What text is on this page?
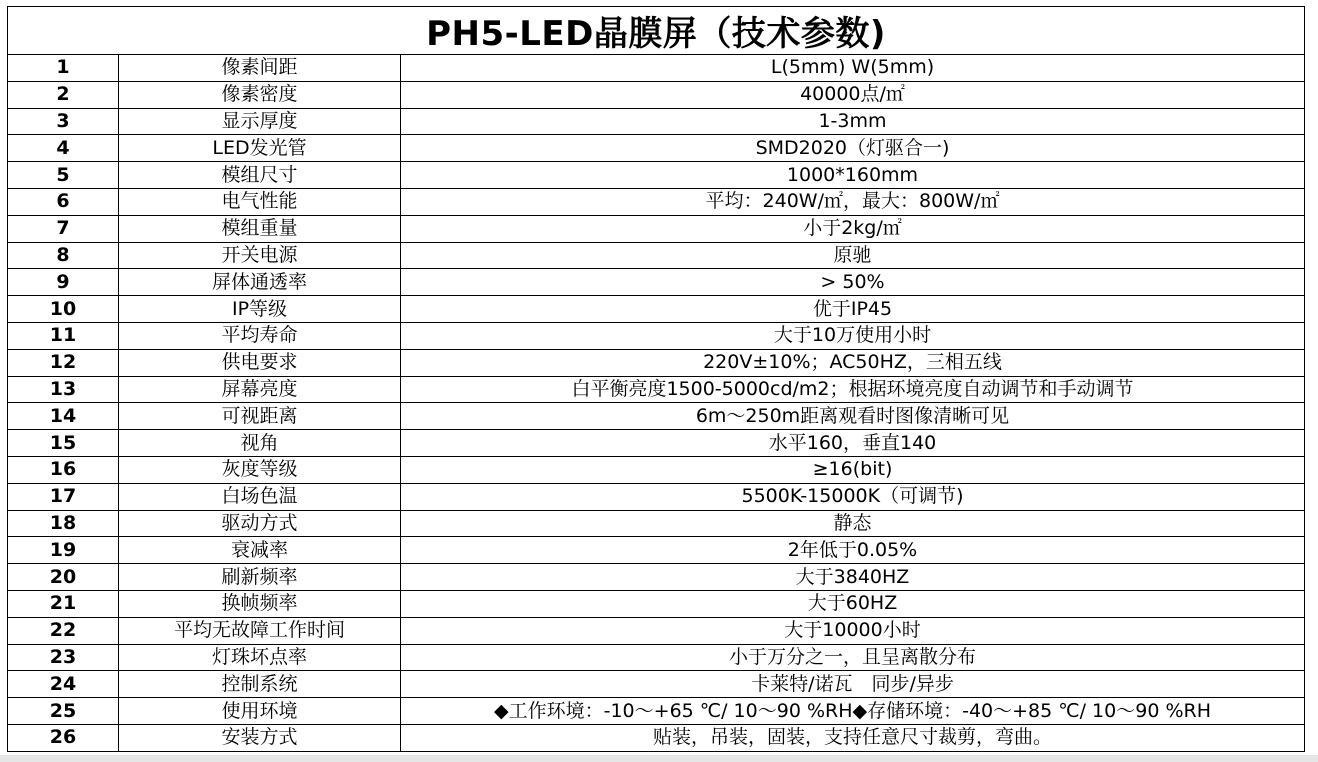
PH5-LED晶膜屏（技术参数)
1	像素间距	L(5mm) W(5mm)
2	像素密度	40000点/㎡
3	显示厚度	1-3mm
4	LED发光管	SMD2020（灯驱合一)
5	模组尺寸	1000*160mm
6	电气性能	平均：240W/㎡，最大：800W/㎡
7	模组重量	小于2kg/㎡
8	开关电源	原驰
9	屏体通透率	> 50%
10	IP等级	优于IP45
11	平均寿命	大于10万使用小时
12	供电要求	220V±10%；AC50HZ，三相五线
13	屏幕亮度	白平衡亮度1500-5000cd/m2；根据环境亮度自动调节和手动调节
14	可视距离	6m～250m距离观看时图像清晰可见
15	视角	水平160，垂直140
16	灰度等级	≥16(bit)
17	白场色温	5500K-15000K（可调节)
18	驱动方式	静态
19	衰减率	2年低于0.05%
20	刷新频率	大于3840HZ
21	换帧频率	大于60HZ
22	平均无故障工作时间	大于10000小时
23	灯珠坏点率	小于万分之一，且呈离散分布
24	控制系统	卡莱特/诺瓦　同步/异步
25	使用环境	◆工作环境：-10～+65 ℃/ 10～90 %RH◆存储环境：-40～+85 ℃/ 10～90 %RH
26	安装方式	贴装，吊装，固装，支持任意尺寸裁剪，弯曲。
